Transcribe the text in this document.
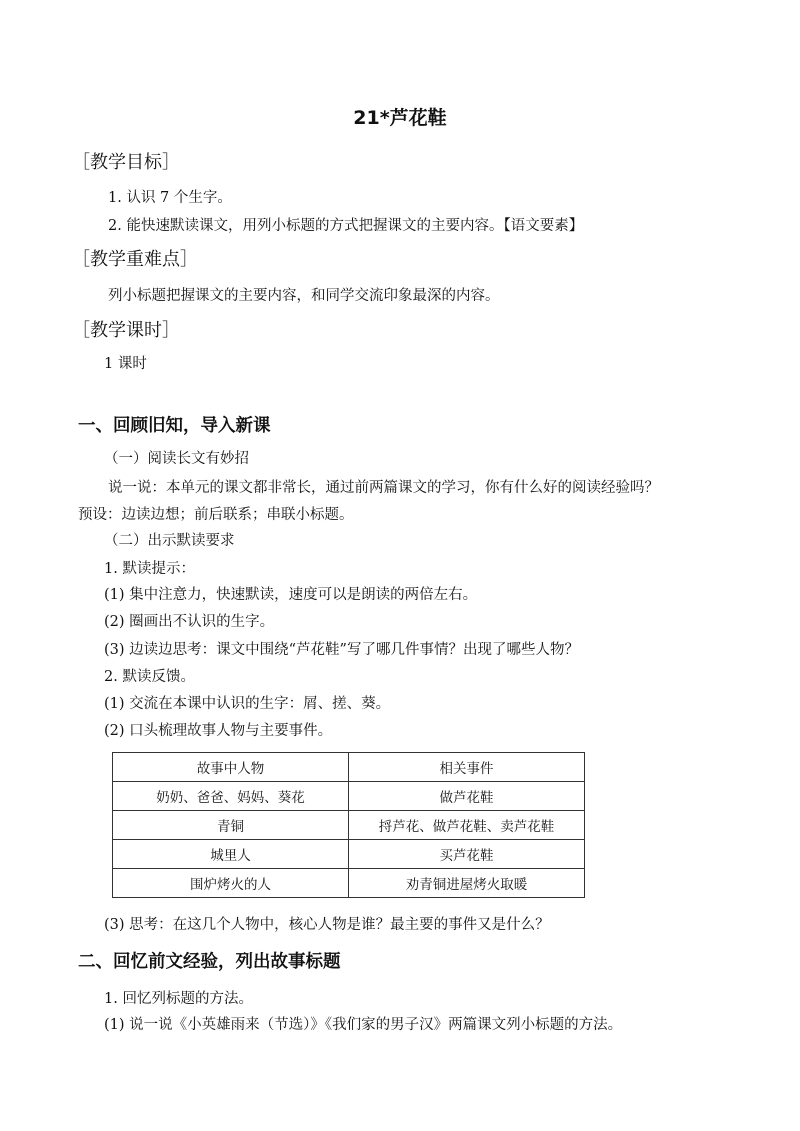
21*芦花鞋
［教学目标］
1. 认识 7 个生字。
2. 能快速默读课文，用列小标题的方式把握课文的主要内容。【语文要素】
［教学重难点］
列小标题把握课文的主要内容，和同学交流印象最深的内容。
［教学课时］
1 课时
一、回顾旧知，导入新课
（一）阅读长文有妙招
说一说：本单元的课文都非常长，通过前两篇课文的学习，你有什么好的阅读经验吗？
预设：边读边想；前后联系；串联小标题。
（二）出示默读要求
1. 默读提示：
(1) 集中注意力，快速默读，速度可以是朗读的两倍左右。
(2) 圈画出不认识的生字。
(3) 边读边思考：课文中围绕“芦花鞋”写了哪几件事情？出现了哪些人物？
2. 默读反馈。
(1) 交流在本课中认识的生字：屑、搓、葵。
(2) 口头梳理故事人物与主要事件。
故事中人物	相关事件
奶奶、爸爸、妈妈、葵花	做芦花鞋
青铜	捋芦花、做芦花鞋、卖芦花鞋
城里人	买芦花鞋
围炉烤火的人	劝青铜进屋烤火取暖
(3) 思考：在这几个人物中，核心人物是谁？最主要的事件又是什么？
二、回忆前文经验，列出故事标题
1. 回忆列标题的方法。
(1) 说一说《小英雄雨来（节选）》《我们家的男子汉》两篇课文列小标题的方法。
